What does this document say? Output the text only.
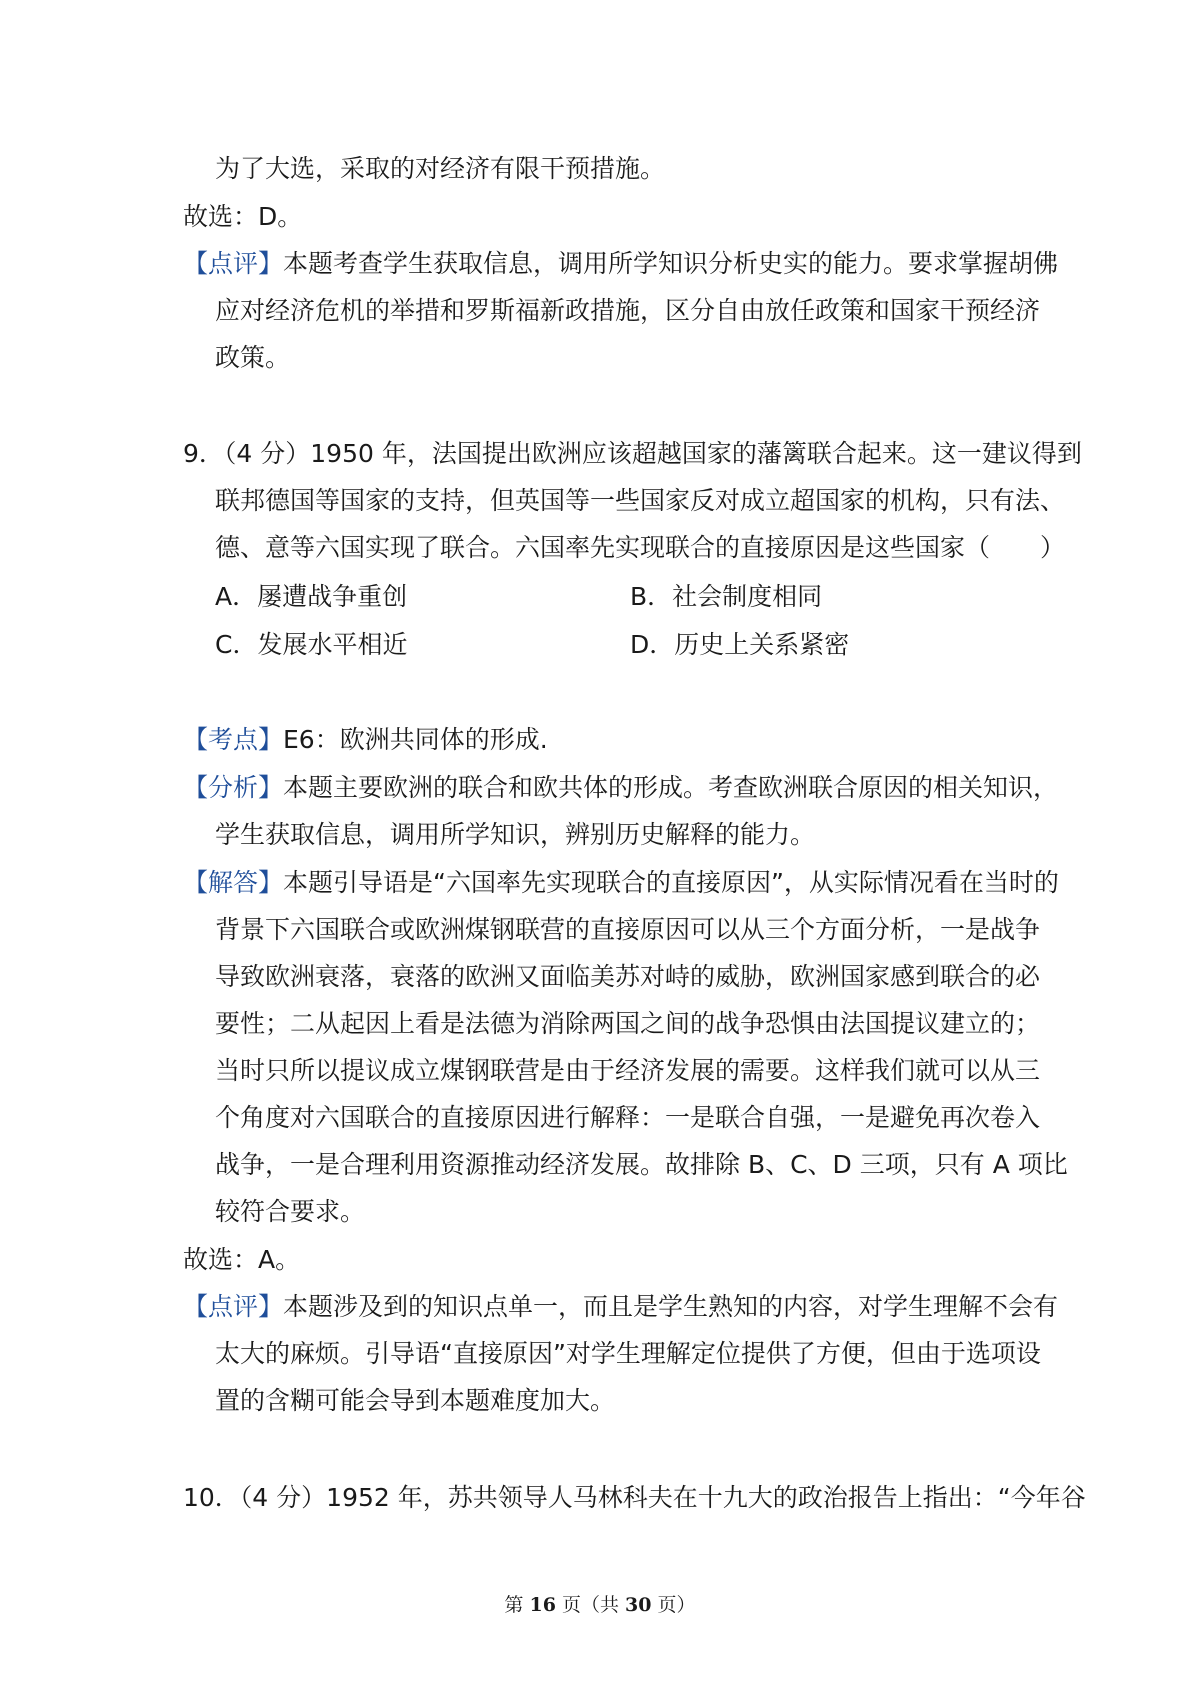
为了大选，采取的对经济有限干预措施。
故选：D。
【点评】本题考查学生获取信息，调用所学知识分析史实的能力。要求掌握胡佛
应对经济危机的举措和罗斯福新政措施，区分自由放任政策和国家干预经济
政策。
9．（4 分）1950 年，法国提出欧洲应该超越国家的藩篱联合起来。这一建议得到
联邦德国等国家的支持，但英国等一些国家反对成立超国家的机构，只有法、
德、意等六国实现了联合。六国率先实现联合的直接原因是这些国家（　　）
A．屡遭战争重创	B．社会制度相同
C．发展水平相近	D．历史上关系紧密
【考点】E6：欧洲共同体的形成.
【分析】本题主要欧洲的联合和欧共体的形成。考查欧洲联合原因的相关知识，
学生获取信息，调用所学知识，辨别历史解释的能力。
【解答】本题引导语是“六国率先实现联合的直接原因”，从实际情况看在当时的
背景下六国联合或欧洲煤钢联营的直接原因可以从三个方面分析，一是战争
导致欧洲衰落，衰落的欧洲又面临美苏对峙的威胁，欧洲国家感到联合的必
要性；二从起因上看是法德为消除两国之间的战争恐惧由法国提议建立的；
当时只所以提议成立煤钢联营是由于经济发展的需要。这样我们就可以从三
个角度对六国联合的直接原因进行解释：一是联合自强，一是避免再次卷入
战争，一是合理利用资源推动经济发展。故排除 B、C、D 三项，只有 A 项比
较符合要求。
故选：A。
【点评】本题涉及到的知识点单一，而且是学生熟知的内容，对学生理解不会有
太大的麻烦。引导语“直接原因”对学生理解定位提供了方便，但由于选项设
置的含糊可能会导到本题难度加大。
10．（4 分）1952 年，苏共领导人马林科夫在十九大的政治报告上指出：“今年谷
第 16 页（共 30 页）
